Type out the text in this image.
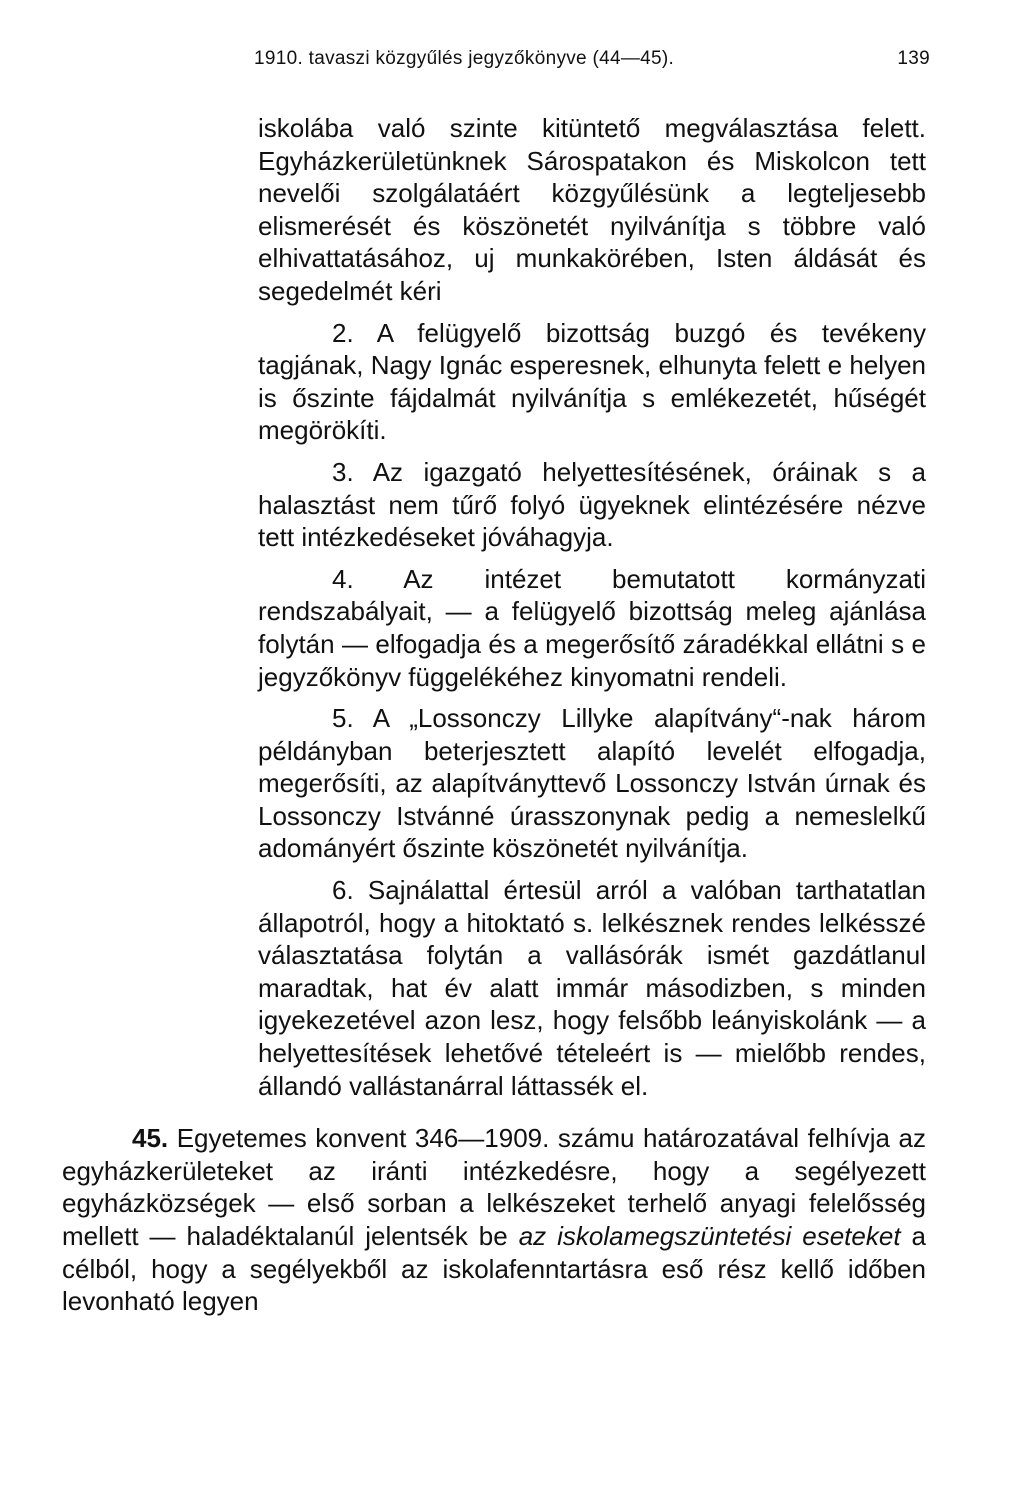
1910. tavaszi közgyűlés jegyzőkönyve (44—45).	139

iskolába való szinte kitüntető megválasztása felett. Egyházkerületünknek Sárospatakon és Miskolcon tett nevelői szolgálatáért közgyűlésünk a legteljesebb elismerését és köszönetét nyilvánítja s többre való elhivattatásához, uj munkakörében, Isten áldását és segedelmét kéri

2. A felügyelő bizottság buzgó és tevékeny tagjának, Nagy Ignác esperesnek, elhunyta felett e helyen is őszinte fájdalmát nyilvánítja s emlékezetét, hűségét megörökíti.

3. Az igazgató helyettesítésének, óráinak s a halasztást nem tűrő folyó ügyeknek elintézésére nézve tett intézkedéseket jóváhagyja.

4. Az intézet bemutatott kormányzati rendszabályait, — a felügyelő bizottság meleg ajánlása folytán — elfogadja és a megerősítő záradékkal ellátni s e jegyzőkönyv függelékéhez kinyomatni rendeli.

5. A „Lossonczy Lillyke alapítvány“-nak három példányban beterjesztett alapító levelét elfogadja, megerősíti, az alapítványttevő Lossonczy István úrnak és Lossonczy Istvánné úrasszonynak pedig a nemeslelkű adományért őszinte köszönetét nyilvánítja.

6. Sajnálattal értesül arról a valóban tarthatatlan állapotról, hogy a hitoktató s. lelkésznek rendes lelkésszé választatása folytán a vallásórák ismét gazdátlanul maradtak, hat év alatt immár másodizben, s minden igyekezetével azon lesz, hogy felsőbb leányiskolánk — a helyettesítések lehetővé tételeért is — mielőbb rendes, állandó vallástanárral láttassék el.

45. Egyetemes konvent 346—1909. számu határozatával felhívja az egyházkerületeket az iránti intézkedésre, hogy a segélyezett egyházközségek — első sorban a lelkészeket terhelő anyagi felelősség mellett — haladéktalanúl jelentsék be az iskolamegszüntetési eseteket a célból, hogy a segélyekből az iskolafenntartásra eső rész kellő időben levonható legyen
